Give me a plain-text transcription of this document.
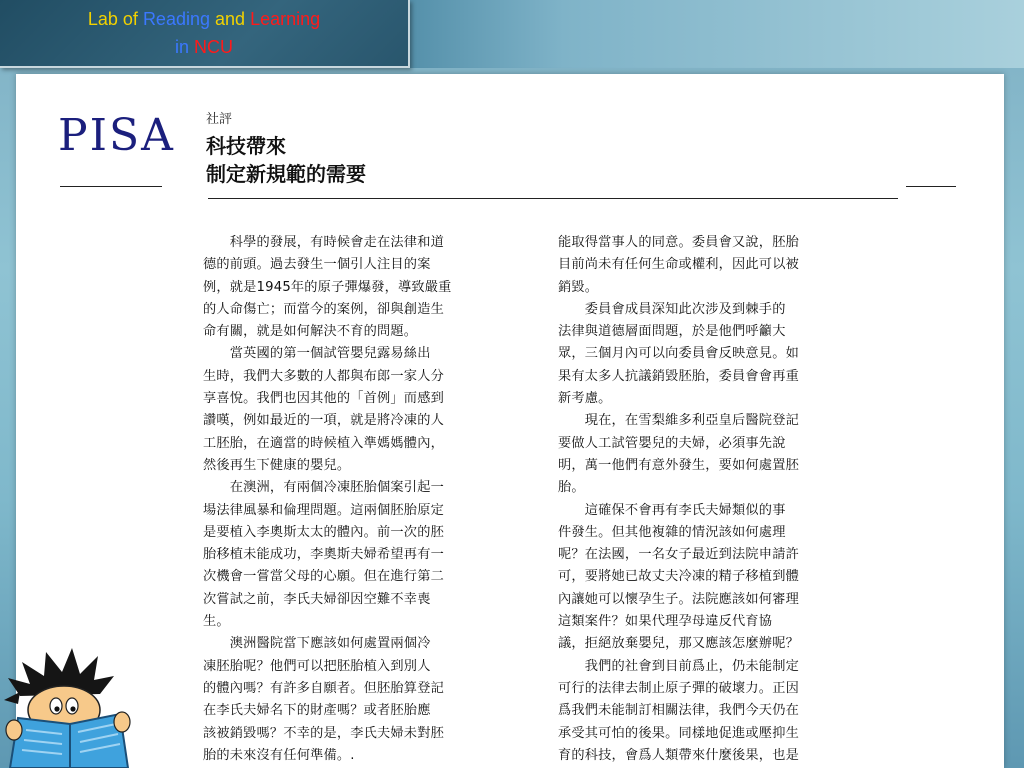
Lab of Reading and Learning
in NCU
PISA 社評
科技帶來
制定新規範的需要
　　科學的發展，有時候會走在法律和道
德的前頭。過去發生一個引人注目的案
例，就是1945年的原子彈爆發，導致嚴重
的人命傷亡；而當今的案例，卻與創造生
命有關，就是如何解決不育的問題。
　　當英國的第一個試管嬰兒露易絲出
生時，我們大多數的人都與布郎一家人分
享喜悅。我們也因其他的「首例」而感到
讚嘆，例如最近的一項，就是將冷凍的人
工胚胎，在適當的時候植入準媽媽體內，
然後再生下健康的嬰兒。
　　在澳洲，有兩個冷凍胚胎個案引起一
場法律風暴和倫理問題。這兩個胚胎原定
是要植入李奧斯太太的體內。前一次的胚
胎移植未能成功，李奧斯夫婦希望再有一
次機會一嘗當父母的心願。但在進行第二
次嘗試之前，李氏夫婦卻因空難不幸喪
生。
　　澳洲醫院當下應該如何處置兩個冷
凍胚胎呢？他們可以把胚胎植入到別人
的體內嗎？有許多自願者。但胚胎算登記
在李氏夫婦名下的財產嗎？或者胚胎應
該被銷毀嗎？不幸的是，李氏夫婦未對胚
胎的未來沒有任何準備。.
能取得當事人的同意。委員會又說，胚胎
目前尚未有任何生命或權利，因此可以被
銷毀。
　　委員會成員深知此次涉及到棘手的
法律與道德層面問題，於是他們呼籲大
眾，三個月內可以向委員會反映意見。如
果有太多人抗議銷毀胚胎，委員會會再重
新考慮。
　　現在，在雪梨維多利亞皇后醫院登記
要做人工試管嬰兒的夫婦，必須事先說
明，萬一他們有意外發生，要如何處置胚
胎。
　　這確保不會再有李氏夫婦類似的事
件發生。但其他複雜的情況該如何處理
呢？在法國，一名女子最近到法院申請許
可，要將她已故丈夫冷凍的精子移植到體
內讓她可以懷孕生子。法院應該如何審理
這類案件？如果代理孕母違反代育協
議，拒絕放棄嬰兒，那又應該怎麼辦呢？
　　我們的社會到目前爲止，仍未能制定
可行的法律去制止原子彈的破壞力。正因
爲我們未能制訂相關法律，我們今天仍在
承受其可怕的後果。同樣地促進或壓抑生
育的科技，會爲人類帶來什麼後果，也是
